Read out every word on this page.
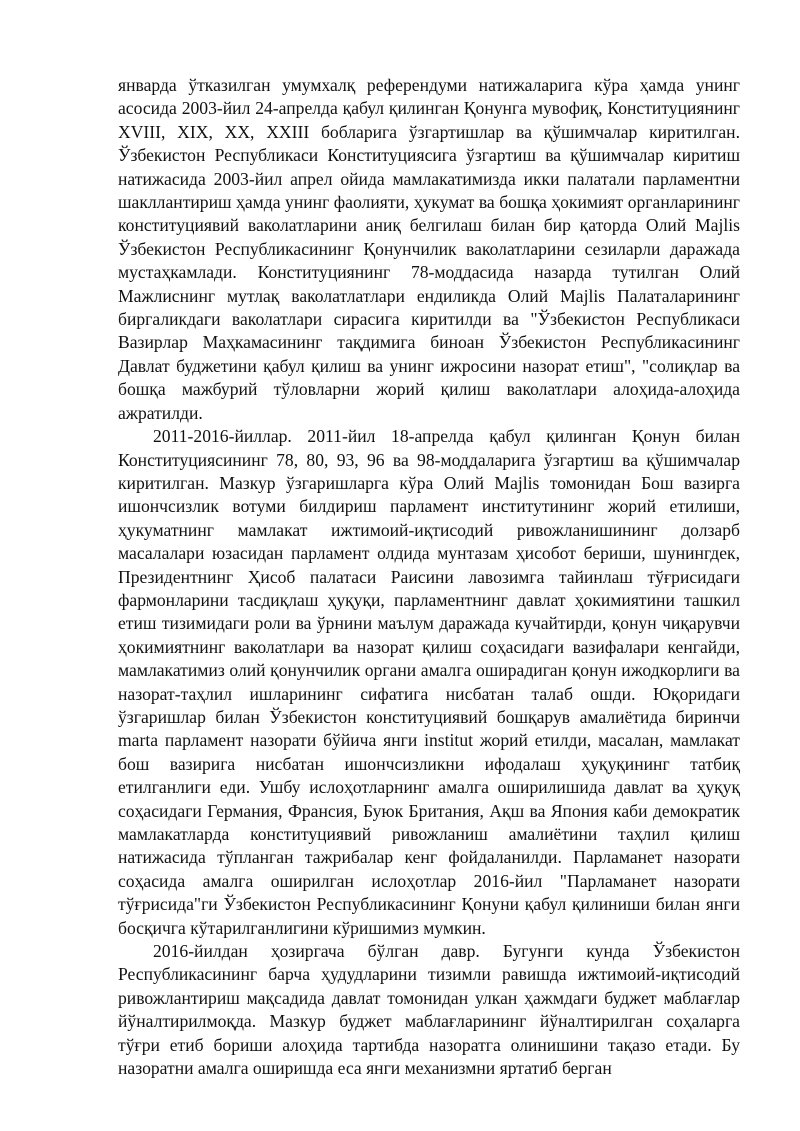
январда ўтказилган умумхалқ референдуми натижаларига кўра ҳамда унинг асосида 2003-йил 24-апрелда қабул қилинган Қонунга мувофиқ, Конституциянинг XVIII, XIX, XX, XXIII бобларига ўзгартишлар ва қўшимчалар киритилган. Ўзбекистон Республикаси Конституциясига ўзгартиш ва қўшимчалар киритиш натижасида 2003-йил апрел ойида мамлакатимизда икки палатали парламентни шакллантириш ҳамда унинг фаолияти, ҳукумат ва бошқа ҳокимият органларининг конституциявий ваколатларини аниқ белгилаш билан бир қаторда Олий Majlis Ўзбекистон Республикасининг Қонунчилик ваколатларини сезиларли даражада мустаҳкамлади. Конституциянинг 78-моддасида назарда тутилган Олий Мажлиснинг мутлақ ваколатлатлари ендиликда Олий Majlis Палаталарининг биргаликдаги ваколатлари сирасига киритилди ва "Ўзбекистон Республикаси Вазирлар Маҳкамасининг тақдимига биноан Ўзбекистон Республикасининг Давлат буджетини қабул қилиш ва унинг ижросини назорат етиш", "солиқлар ва бошқа мажбурий тўловларни жорий қилиш ваколатлари алоҳида-алоҳида ажратилди.

2011-2016-йиллар. 2011-йил 18-апрелда қабул қилинган Қонун билан Конституциясининг 78, 80, 93, 96 ва 98-моддаларига ўзгартиш ва қўшимчалар киритилган. Мазкур ўзгаришларга кўра Олий Majlis томонидан Бош вазирга ишончсизлик вотуми билдириш парламент институтининг жорий етилиши, ҳукуматнинг мамлакат ижтимоий-иқтисодий ривожланишининг долзарб масалалари юзасидан парламент олдида мунтазам ҳисобот бериши, шунингдек, Президентнинг Ҳисоб палатаси Раисини лавозимга тайинлаш тўғрисидаги фармонларини тасдиқлаш ҳуқуқи, парламентнинг давлат ҳокимиятини ташкил етиш тизимидаги роли ва ўрнини маълум даражада кучайтирди, қонун чиқарувчи ҳокимиятнинг ваколатлари ва назорат қилиш соҳасидаги вазифалари кенгайди, мамлакатимиз олий қонунчилик органи амалга оширадиган қонун ижодкорлиги ва назорат-таҳлил ишларининг сифатига нисбатан талаб ошди. Юқоридаги ўзгаришлар билан Ўзбекистон конституциявий бошқарув амалиётида биринчи marta парламент назорати бўйича янги institut жорий етилди, масалан, мамлакат бош вазирига нисбатан ишончсизликни ифодалаш ҳуқуқининг татбиқ етилганлиги еди. Ушбу ислоҳотларнинг амалга оширилишида давлат ва ҳуқуқ соҳасидаги Германия, Франсия, Буюк Британия, Ақш ва Япония каби демократик мамлакатларда конституциявий ривожланиш амалиётини таҳлил қилиш натижасида тўпланган тажрибалар кенг фойдаланилди. Парламанет назорати соҳасида амалга оширилган ислоҳотлар 2016-йил "Парламанет назорати тўғрисида"ги Ўзбекистон Республикасининг Қонуни қабул қилиниши билан янги босқичга кўтарилганлигини кўришимиз мумкин.

2016-йилдан ҳозиргача бўлган давр. Бугунги кунда Ўзбекистон Республикасининг барча ҳудудларини тизимли равишда ижтимоий-иқтисодий ривожлантириш мақсадида давлат томонидан улкан ҳажмдаги буджет маблағлар йўналтирилмоқда. Мазкур буджет маблағларининг йўналтирилган соҳаларга тўғри етиб бориши алоҳида тартибда назоратга олинишини тақазо етади. Бу назоратни амалга оширишда еса янги механизмни яртатиб берган
